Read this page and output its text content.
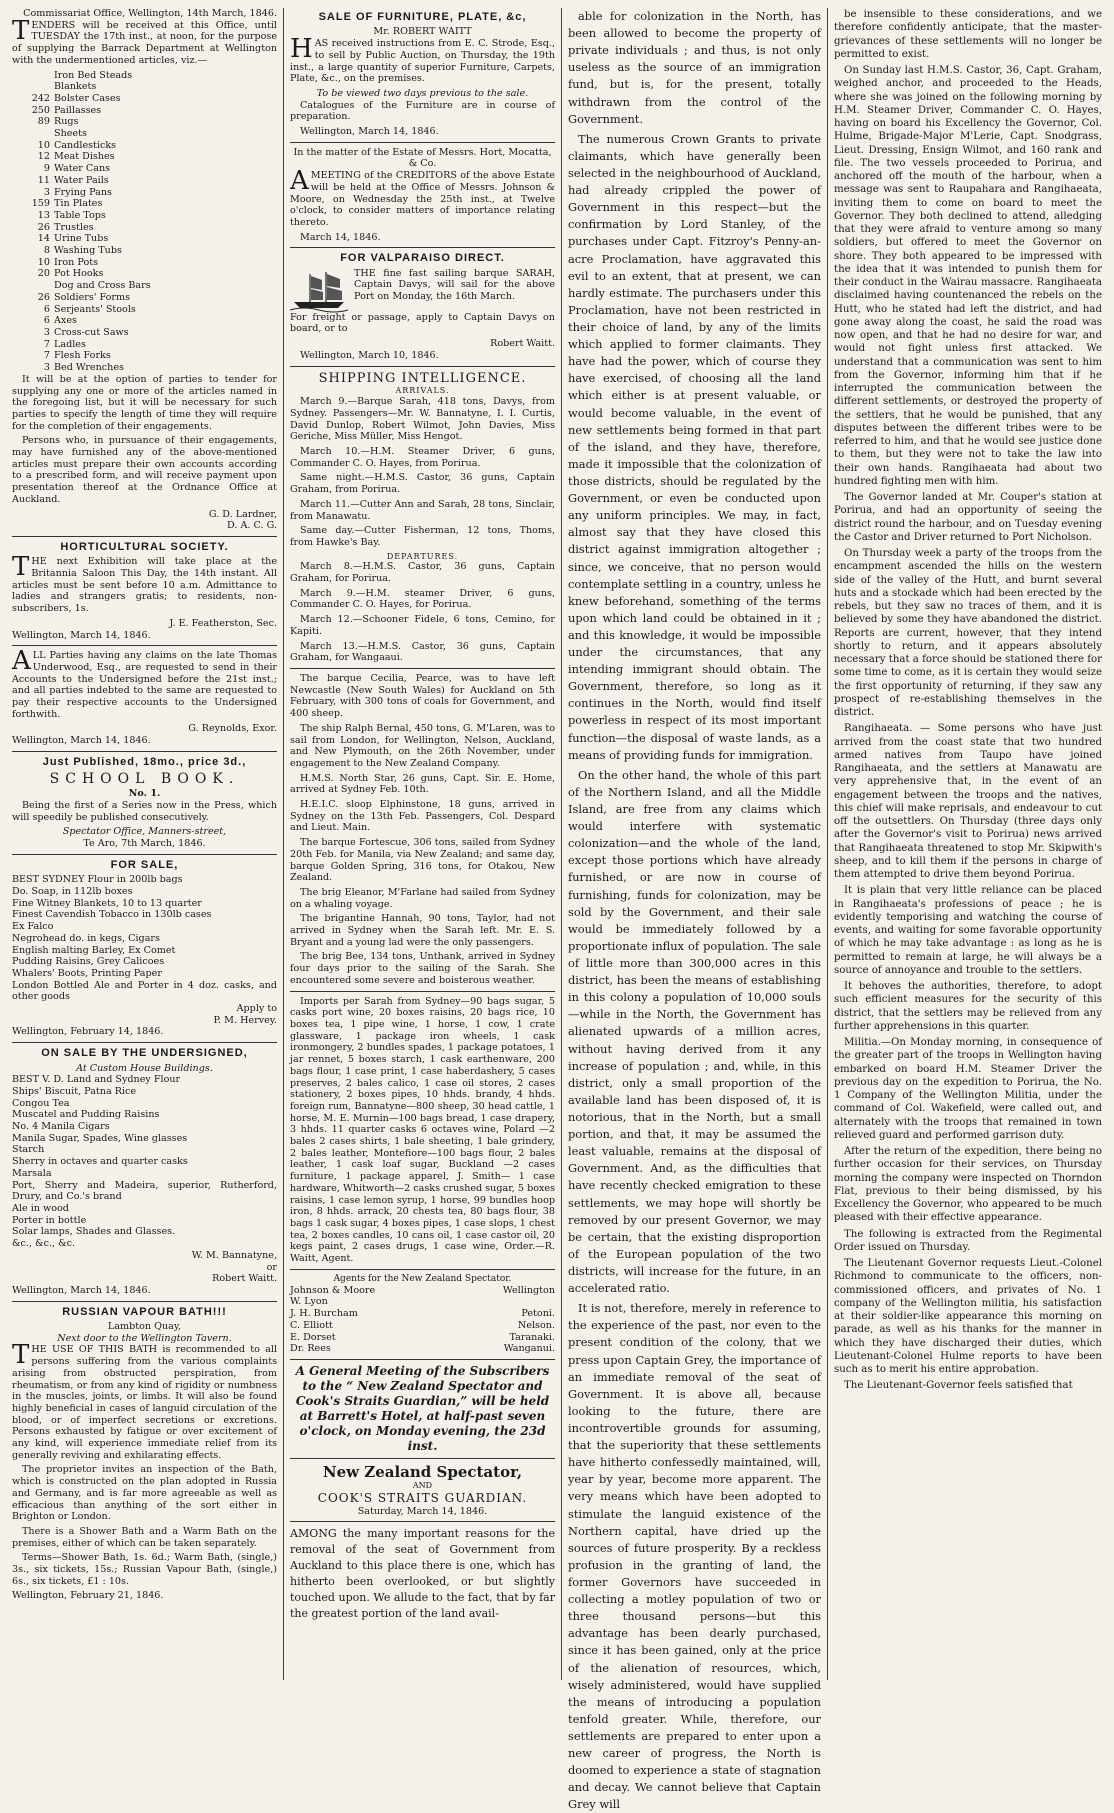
Commissariat Office, Wellington, 14th March, 1846.
TENDERS will be received at this Office, until TUESDAY the 17th inst., at noon, for the purpose of supplying the Barrack Department at Wellington with the undermentioned articles, viz.—
Iron Bed Steads
Blankets
242 Bolster Cases
250 Paillasses
89 Rugs
Sheets
10 Candlesticks
12 Meat Dishes
9 Water Cans
11 Water Pails
3 Frying Pans
159 Tin Plates
13 Table Tops
26 Trustles
14 Urine Tubs
8 Washing Tubs
10 Iron Pots
20 Pot Hooks
Dog and Cross Bars
26 Soldiers' Forms
6 Serjeants' Stools
6 Axes
3 Cross-cut Saws
7 Ladles
7 Flesh Forks
3 Bed Wrenches
It will be at the option of parties to tender for supplying any one or more of the articles named in the foregoing list, but it will be necessary for such parties to specify the length of time they will require for the completion of their engagements.
Persons who, in pursuance of their engagements, may have furnished any of the above-mentioned articles must prepare their own accounts according to a prescribed form, and will receive payment upon presentation thereof at the Ordnance Office at Auckland.
G. D. Lardner,
D. A. C. G.
HORTICULTURAL SOCIETY.
THE next Exhibition will take place at the Britannia Saloon This Day, the 14th instant. All articles must be sent before 10 a.m. Admittance to ladies and strangers gratis; to residents, non-subscribers, 1s.
J. E. Featherston, Sec.
Wellington, March 14, 1846.
ALL Parties having any claims on the late Thomas Underwood, Esq., are requested to send in their Accounts to the Undersigned before the 21st inst.; and all parties indebted to the same are requested to pay their respective accounts to the Undersigned forthwith.
G. Reynolds, Exor.
Wellington, March 14, 1846.
Just Published, 18mo., price 3d.,
SCHOOL BOOK.
No. 1.
Being the first of a Series now in the Press, which will speedily be published consecutively.
Spectator Office, Manners-street,
Te Aro, 7th March, 1846.
FOR SALE,
BEST SYDNEY Flour in 200lb bags
Do. Soap, in 112lb boxes
Fine Witney Blankets, 10 to 13 quarter
Finest Cavendish Tobacco in 130lb cases
Ex Falco
Negrohead do. in kegs, Cigars
English malting Barley, Ex Comet
Pudding Raisins, Grey Calicoes
Whalers' Boots, Printing Paper
London Bottled Ale and Porter in 4 doz. casks, and other goods
Apply to
P. M. Hervey.
Wellington, February 14, 1846.
ON SALE BY THE UNDERSIGNED,
At Custom House Buildings.
BEST V. D. Land and Sydney Flour
Ships' Biscuit, Patna Rice
Congou Tea
Muscatel and Pudding Raisins
No. 4 Manila Cigars
Manila Sugar, Spades, Wine glasses
Starch
Sherry in octaves and quarter casks
Marsala
Port, Sherry and Madeira, superior, Rutherford, Drury, and Co.'s brand
Ale in wood
Porter in bottle
Solar lamps, Shades and Glasses.
&c., &c., &c.
W. M. Bannatyne,
or
Robert Waitt.
Wellington, March 14, 1846.
RUSSIAN VAPOUR BATH!!!
Lambton Quay,
Next door to the Wellington Tavern.
THE USE OF THIS BATH is recommended to all persons suffering from the various complaints arising from obstructed perspiration, from rheumatism, or from any kind of rigidity or numbness in the muscles, joints, or limbs. It will also be found highly beneficial in cases of languid circulation of the blood, or of imperfect secretions or excretions. Persons exhausted by fatigue or over excitement of any kind, will experience immediate relief from its generally reviving and exhilarating effects.
The proprietor invites an inspection of the Bath, which is constructed on the plan adopted in Russia and Germany, and is far more agreeable as well as efficacious than anything of the sort either in Brighton or London.
There is a Shower Bath and a Warm Bath on the premises, either of which can be taken separately.
Terms—Shower Bath, 1s. 6d.; Warm Bath, (single,) 3s., six tickets, 15s.; Russian Vapour Bath, (single,) 6s., six tickets, £1 : 10s.
Wellington, February 21, 1846.
SALE OF FURNITURE, PLATE, &c,
Mr. ROBERT WAITT
HAS received instructions from E. C. Strode, Esq., to sell by Public Auction, on Thursday, the 19th inst., a large quantity of superior Furniture, Carpets, Plate, &c., on the premises.
To be viewed two days previous to the sale.
Catalogues of the Furniture are in course of preparation.
Wellington, March 14, 1846.
In the matter of the Estate of Messrs. Hort, Mocatta, & Co.
AMEETING of the CREDITORS of the above Estate will be held at the Office of Messrs. Johnson & Moore, on Wednesday the 25th inst., at Twelve o'clock, to consider matters of importance relating thereto.
March 14, 1846.
FOR VALPARAISO DIRECT.
THE fine fast sailing barque SARAH, Captain Davys, will sail for the above Port on Monday, the 16th March.
For freight or passage, apply to Captain Davys on board, or to
Robert Waitt.
Wellington, March 10, 1846.
SHIPPING INTELLIGENCE.
ARRIVALS.
March 9.—Barque Sarah, 418 tons, Davys, from Sydney. Passengers—Mr. W. Bannatyne, I. I. Curtis, David Dunlop, Robert Wilmot, John Davies, Miss Geriche, Miss Müller, Miss Hengot.
March 10.—H.M. Steamer Driver, 6 guns, Commander C. O. Hayes, from Porirua.
Same night.—H.M.S. Castor, 36 guns, Captain Graham, from Porirua.
March 11.—Cutter Ann and Sarah, 28 tons, Sinclair, from Manawatu.
Same day.—Cutter Fisherman, 12 tons, Thoms, from Hawke's Bay.
DEPARTURES.
March 8.—H.M.S. Castor, 36 guns, Captain Graham, for Porirua.
March 9.—H.M. steamer Driver, 6 guns, Commander C. O. Hayes, for Porirua.
March 12.—Schooner Fidele, 6 tons, Cemino, for Kapiti.
March 13.—H.M.S. Castor, 36 guns, Captain Graham, for Wangaaui.
The barque Cecilia, Pearce, was to have left Newcastle (New South Wales) for Auckland on 5th February, with 300 tons of coals for Government, and 400 sheep.
The ship Ralph Bernal, 450 tons, G. M'Laren, was to sail from London, for Wellington, Nelson, Auckland, and New Plymouth, on the 26th November, under engagement to the New Zealand Company.
H.M.S. North Star, 26 guns, Capt. Sir. E. Home, arrived at Sydney Feb. 10th.
H.E.I.C. sloop Elphinstone, 18 guns, arrived in Sydney on the 13th Feb. Passengers, Col. Despard and Lieut. Main.
The barque Fortescue, 306 tons, sailed from Sydney 20th Feb. for Manila, via New Zealand; and same day, barque Golden Spring, 316 tons, for Otakou, New Zealand.
The brig Eleanor, M'Farlane had sailed from Sydney on a whaling voyage.
The brigantine Hannah, 90 tons, Taylor, had not arrived in Sydney when the Sarah left. Mr. E. S. Bryant and a young lad were the only passengers.
The brig Bee, 134 tons, Unthank, arrived in Sydney four days prior to the sailing of the Sarah. She encountered some severe and boisterous weather.
Imports per Sarah from Sydney—90 bags sugar, 5 casks port wine, 20 boxes raisins, 20 bags rice, 10 boxes tea, 1 pipe wine, 1 horse, 1 cow, 1 crate glassware, 1 package iron wheels, 1 cask ironmongery, 2 bundles spades, 1 package potatoes, 1 jar rennet, 5 boxes starch, 1 cask earthenware, 200 bags flour, 1 case print, 1 case haberdashery, 5 cases preserves, 2 bales calico, 1 case oil stores, 2 cases stationery, 2 boxes pipes, 10 hhds. brandy, 4 hhds. foreign rum, Bannatyne—800 sheep, 30 head cattle, 1 horse, M. E. Murnin—100 bags bread, 1 case drapery, 3 hhds. 11 quarter casks 6 octaves wine, Polard —2 bales 2 cases shirts, 1 bale sheeting, 1 bale grindery, 2 bales leather, Montefiore—100 bags flour, 2 bales leather, 1 cask loaf sugar, Buckland —2 cases furniture, 1 package apparel, J. Smith— 1 case hardware, Whitworth—2 casks crushed sugar, 5 boxes raisins, 1 case lemon syrup, 1 horse, 99 bundles hoop iron, 8 hhds. arrack, 20 chests tea, 80 bags flour, 38 bags 1 cask sugar, 4 boxes pipes, 1 case slops, 1 chest tea, 2 boxes candles, 10 cans oil, 1 case castor oil, 20 kegs paint, 2 cases drugs, 1 case wine, Order.—R. Waitt, Agent.
Agents for the New Zealand Spectator.
Johnson & Moore	Wellington
W. Lyon
J. H. Burcham	Petoni.
C. Elliott	Nelson.
E. Dorset	Taranaki.
Dr. Rees	Wanganui.
A General Meeting of the Subscribers to the “ New Zealand Spectator and Cook's Straits Guardian,” will be held at Barrett's Hotel, at half-past seven o'clock, on Monday evening, the 23d inst.
New Zealand Spectator,
AND
COOK'S STRAITS GUARDIAN.
Saturday, March 14, 1846.
AMONG the many important reasons for the removal of the seat of Government from Auckland to this place there is one, which has hitherto been overlooked, or but slightly touched upon. We allude to the fact, that by far the greatest portion of the land avail-
able for colonization in the North, has been allowed to become the property of private individuals ; and thus, is not only useless as the source of an immigration fund, but is, for the present, totally withdrawn from the control of the Government.
The numerous Crown Grants to private claimants, which have generally been selected in the neighbourhood of Auckland, had already crippled the power of Government in this respect—but the confirmation by Lord Stanley, of the purchases under Capt. Fitzroy's Penny-an-acre Proclamation, have aggravated this evil to an extent, that at present, we can hardly estimate. The purchasers under this Proclamation, have not been restricted in their choice of land, by any of the limits which applied to former claimants. They have had the power, which of course they have exercised, of choosing all the land which either is at present valuable, or would become valuable, in the event of new settlements being formed in that part of the island, and they have, therefore, made it impossible that the colonization of those districts, should be regulated by the Government, or even be conducted upon any uniform principles. We may, in fact, almost say that they have closed this district against immigration altogether ; since, we conceive, that no person would contemplate settling in a country, unless he knew beforehand, something of the terms upon which land could be obtained in it ; and this knowledge, it would be impossible under the circumstances, that any intending immigrant should obtain. The Government, therefore, so long as it continues in the North, would find itself powerless in respect of its most important function—the disposal of waste lands, as a means of providing funds for immigration.
On the other hand, the whole of this part of the Northern Island, and all the Middle Island, are free from any claims which would interfere with systematic colonization—and the whole of the land, except those portions which have already furnished, or are now in course of furnishing, funds for colonization, may be sold by the Government, and their sale would be immediately followed by a proportionate influx of population. The sale of little more than 300,000 acres in this district, has been the means of establishing in this colony a population of 10,000 souls—while in the North, the Government has alienated upwards of a million acres, without having derived from it any increase of population ; and, while, in this district, only a small proportion of the available land has been disposed of, it is notorious, that in the North, but a small portion, and that, it may be assumed the least valuable, remains at the disposal of Government. And, as the difficulties that have recently checked emigration to these settlements, we may hope will shortly be removed by our present Governor, we may be certain, that the existing disproportion of the European population of the two districts, will increase for the future, in an accelerated ratio.
It is not, therefore, merely in reference to the experience of the past, nor even to the present condition of the colony, that we press upon Captain Grey, the importance of an immediate removal of the seat of Government. It is above all, because looking to the future, there are incontrovertible grounds for assuming, that the superiority that these settlements have hitherto confessedly maintained, will, year by year, become more apparent. The very means which have been adopted to stimulate the languid existence of the Northern capital, have dried up the sources of future prosperity. By a reckless profusion in the granting of land, the former Governors have succeeded in collecting a motley population of two or three thousand persons—but this advantage has been dearly purchased, since it has been gained, only at the price of the alienation of resources, which, wisely administered, would have supplied the means of introducing a population tenfold greater. While, therefore, our settlements are prepared to enter upon a new career of progress, the North is doomed to experience a state of stagnation and decay. We cannot believe that Captain Grey will
be insensible to these considerations, and we therefore confidently anticipate, that the master-grievances of these settlements will no longer be permitted to exist.
On Sunday last H.M.S. Castor, 36, Capt. Graham, weighed anchor, and proceeded to the Heads, where she was joined on the following morning by H.M. Steamer Driver, Commander C. O. Hayes, having on board his Excellency the Governor, Col. Hulme, Brigade-Major M'Lerie, Capt. Snodgrass, Lieut. Dressing, Ensign Wilmot, and 160 rank and file. The two vessels proceeded to Porirua, and anchored off the mouth of the harbour, when a message was sent to Raupahara and Rangihaeata, inviting them to come on board to meet the Governor. They both declined to attend, alledging that they were afraid to venture among so many soldiers, but offered to meet the Governor on shore. They both appeared to be impressed with the idea that it was intended to punish them for their conduct in the Wairau massacre. Rangihaeata disclaimed having countenanced the rebels on the Hutt, who he stated had left the district, and had gone away along the coast, he said the road was now open, and that he had no desire for war, and would not fight unless first attacked. We understand that a communication was sent to him from the Governor, informing him that if he interrupted the communication between the different settlements, or destroyed the property of the settlers, that he would be punished, that any disputes between the different tribes were to be referred to him, and that he would see justice done to them, but they were not to take the law into their own hands. Rangihaeata had about two hundred fighting men with him.
The Governor landed at Mr. Couper's station at Porirua, and had an opportunity of seeing the district round the harbour, and on Tuesday evening the Castor and Driver returned to Port Nicholson.
On Thursday week a party of the troops from the encampment ascended the hills on the western side of the valley of the Hutt, and burnt several huts and a stockade which had been erected by the rebels, but they saw no traces of them, and it is believed by some they have abandoned the district. Reports are current, however, that they intend shortly to return, and it appears absolutely necessary that a force should be stationed there for some time to come, as it is certain they would seize the first opportunity of returning, if they saw any prospect of re-establishing themselves in the district.
Rangihaeata. — Some persons who have just arrived from the coast state that two hundred armed natives from Taupo have joined Rangihaeata, and the settlers at Manawatu are very apprehensive that, in the event of an engagement between the troops and the natives, this chief will make reprisals, and endeavour to cut off the outsettlers. On Thursday (three days only after the Governor's visit to Porirua) news arrived that Rangihaeata threatened to stop Mr. Skipwith's sheep, and to kill them if the persons in charge of them attempted to drive them beyond Porirua.
It is plain that very little reliance can be placed in Rangihaeata's professions of peace ; he is evidently temporising and watching the course of events, and waiting for some favorable opportunity of which he may take advantage : as long as he is permitted to remain at large, he will always be a source of annoyance and trouble to the settlers.
It behoves the authorities, therefore, to adopt such efficient measures for the security of this district, that the settlers may be relieved from any further apprehensions in this quarter.
Militia.—On Monday morning, in consequence of the greater part of the troops in Wellington having embarked on board H.M. Steamer Driver the previous day on the expedition to Porirua, the No. 1 Company of the Wellington Militia, under the command of Col. Wakefield, were called out, and alternately with the troops that remained in town relieved guard and performed garrison duty.
After the return of the expedition, there being no further occasion for their services, on Thursday morning the company were inspected on Thorndon Flat, previous to their being dismissed, by his Excellency the Governor, who appeared to be much pleased with their effective appearance.
The following is extracted from the Regimental Order issued on Thursday.
The Lieutenant Governor requests Lieut.-Colonel Richmond to communicate to the officers, non-commissioned officers, and privates of No. 1 company of the Wellington militia, his satisfaction at their soldier-like appearance this morning on parade, as well as his thanks for the manner in which they have discharged their duties, which Lieutenant-Colonel Hulme reports to have been such as to merit his entire approbation.
The Lieutenant-Governor feels satisfied that
